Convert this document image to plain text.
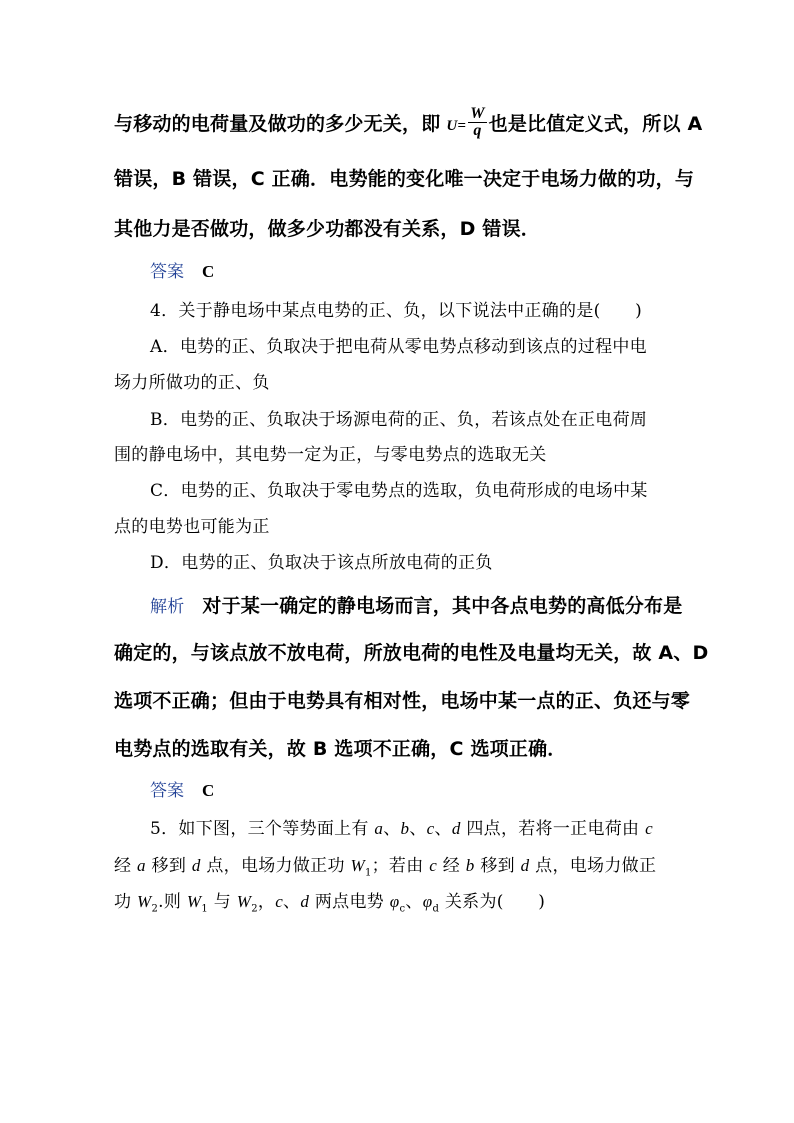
与移动的电荷量及做功的多少无关，即 $U= \frac{W}{q}$ 也是比值定义式，所以 A
错误，B 错误，C 正确．电势能的变化唯一决定于电场力做的功，与
其他力是否做功，做多少功都没有关系，D 错误．
答案 C
4．关于静电场中某点电势的正、负，以下说法中正确的是(　　)
A．电势的正、负取决于把电荷从零电势点移动到该点的过程中电
场力所做功的正、负
B．电势的正、负取决于场源电荷的正、负，若该点处在正电荷周
围的静电场中，其电势一定为正，与零电势点的选取无关
C．电势的正、负取决于零电势点的选取，负电荷形成的电场中某
点的电势也可能为正
D．电势的正、负取决于该点所放电荷的正负
解析 对于某一确定的静电场而言，其中各点电势的高低分布是
确定的，与该点放不放电荷，所放电荷的电性及电量均无关，故 A、D
选项不正确；但由于电势具有相对性，电场中某一点的正、负还与零
电势点的选取有关，故 B 选项不正确，C 选项正确．
答案 C
5．如下图，三个等势面上有 a、b、c、d 四点，若将一正电荷由 c
经 a 移到 d 点，电场力做正功 $W_1$；若由 c 经 b 移到 d 点，电场力做正
功 $W_2$.则 $W_1$ 与 $W_2$，c、d 两点电势 $\varphi_c$、$\varphi_d$ 关系为(　　)
